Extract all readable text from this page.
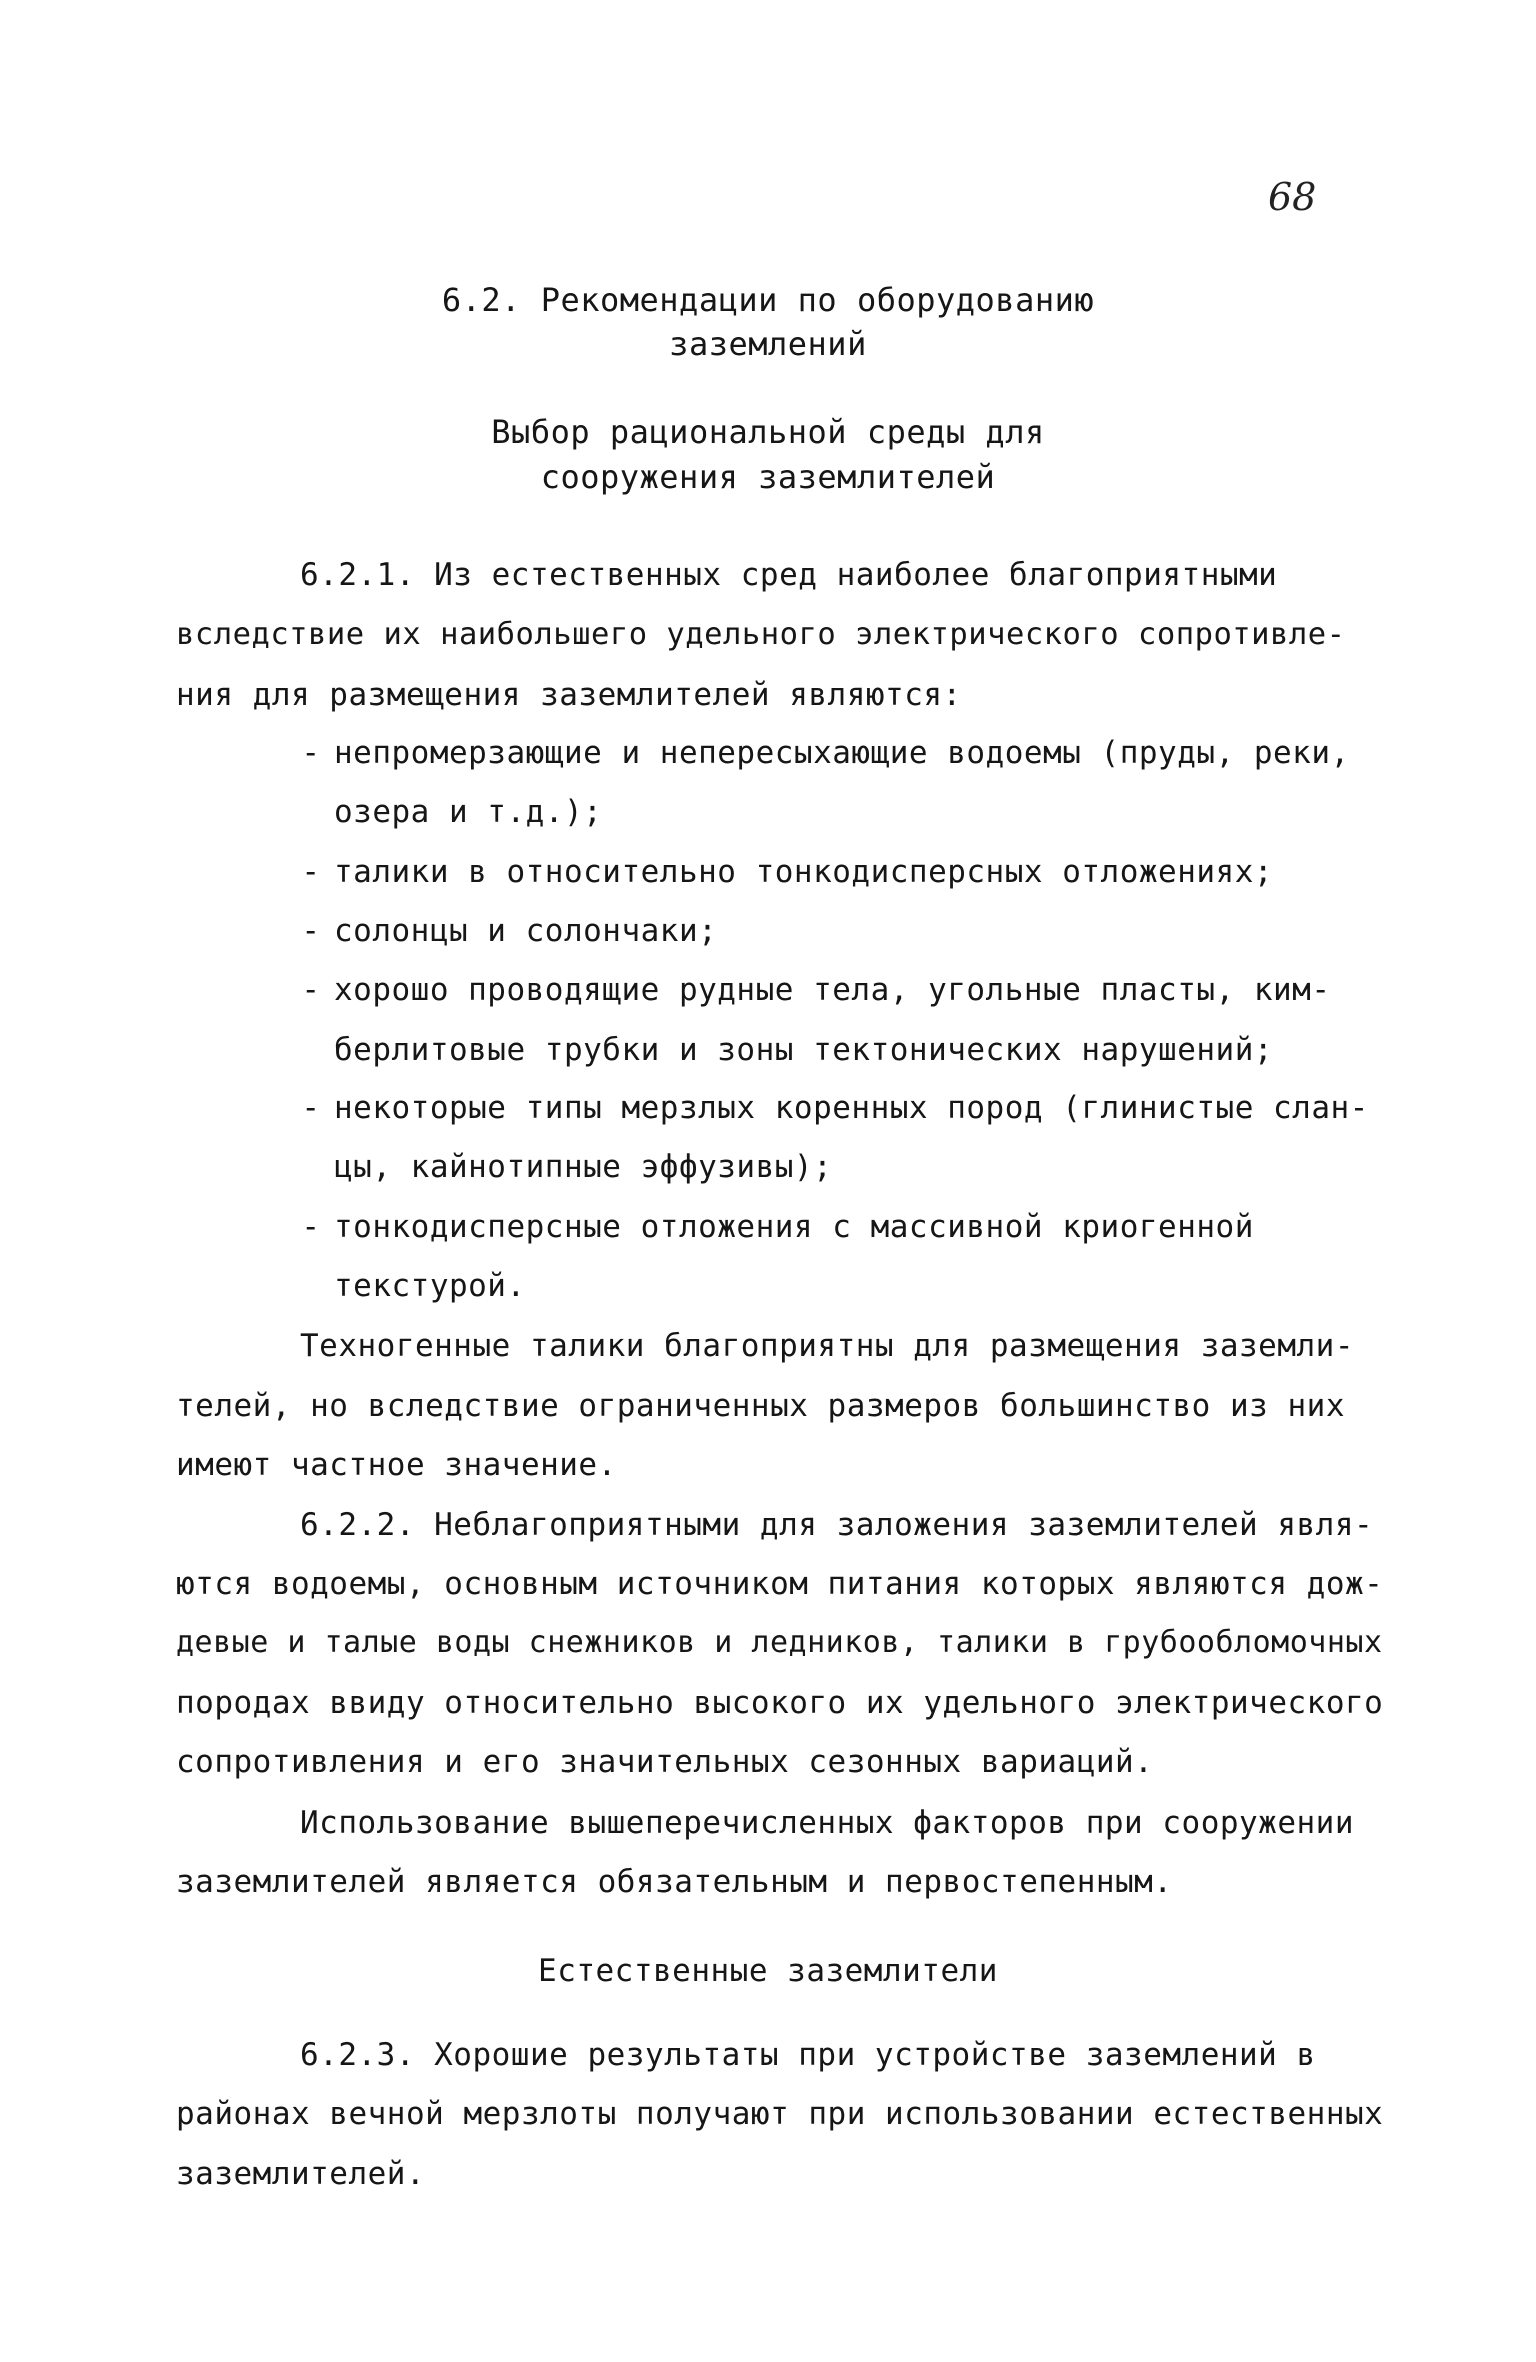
68
6.2. Рекомендации по оборудованию
заземлений
Выбор рациональной среды для
сооружения заземлителей
6.2.1. Из естественных сред наиболее благоприятными
вследствие их наибольшего удельного электрического сопротивле-
ния для размещения заземлителей являются:
- непромерзающие и непересыхающие водоемы (пруды, реки,
озера и т.д.);
- талики в относительно тонкодисперсных отложениях;
- солонцы и солончаки;
- хорошо проводящие рудные тела, угольные пласты, ким-
берлитовые трубки и зоны тектонических нарушений;
- некоторые типы мерзлых коренных пород (глинистые слан-
цы, кайнотипные эффузивы);
- тонкодисперсные отложения с массивной криогенной
текстурой.
Техногенные талики благоприятны для размещения заземли-
телей, но вследствие ограниченных размеров большинство из них
имеют частное значение.
6.2.2. Неблагоприятными для заложения заземлителей явля-
ются водоемы, основным источником питания которых являются дож-
девые и талые воды снежников и ледников, талики в грубообломочных
породах ввиду относительно высокого их удельного электрического
сопротивления и его значительных сезонных вариаций.
Использование вышеперечисленных факторов при сооружении
заземлителей является обязательным и первостепенным.
Естественные заземлители
6.2.3. Хорошие результаты при устройстве заземлений в
районах вечной мерзлоты получают при использовании естественных
заземлителей.
